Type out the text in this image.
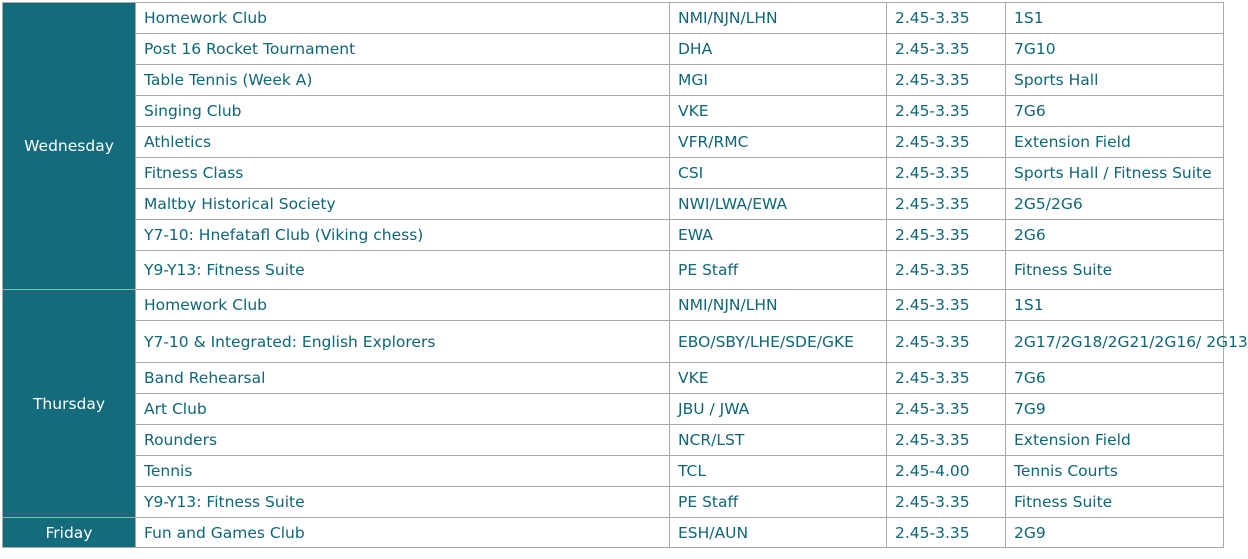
Wednesday	Homework Club	NMI/NJN/LHN	2.45-3.35	1S1
	Post 16 Rocket Tournament	DHA	2.45-3.35	7G10
	Table Tennis (Week A)	MGI	2.45-3.35	Sports Hall
	Singing Club	VKE	2.45-3.35	7G6
	Athletics	VFR/RMC	2.45-3.35	Extension Field
	Fitness Class	CSI	2.45-3.35	Sports Hall / Fitness Suite
	Maltby Historical Society	NWI/LWA/EWA	2.45-3.35	2G5/2G6
	Y7-10: Hnefatafl Club (Viking chess)	EWA	2.45-3.35	2G6
	Y9-Y13: Fitness Suite	PE Staff	2.45-3.35	Fitness Suite
Thursday	Homework Club	NMI/NJN/LHN	2.45-3.35	1S1
	Y7-10 & Integrated: English Explorers	EBO/SBY/LHE/SDE/GKE	2.45-3.35	2G17/2G18/2G21/2G16/ 2G13
	Band Rehearsal	VKE	2.45-3.35	7G6
	Art Club	JBU / JWA	2.45-3.35	7G9
	Rounders	NCR/LST	2.45-3.35	Extension Field
	Tennis	TCL	2.45-4.00	Tennis Courts
	Y9-Y13: Fitness Suite	PE Staff	2.45-3.35	Fitness Suite
Friday	Fun and Games Club	ESH/AUN	2.45-3.35	2G9
